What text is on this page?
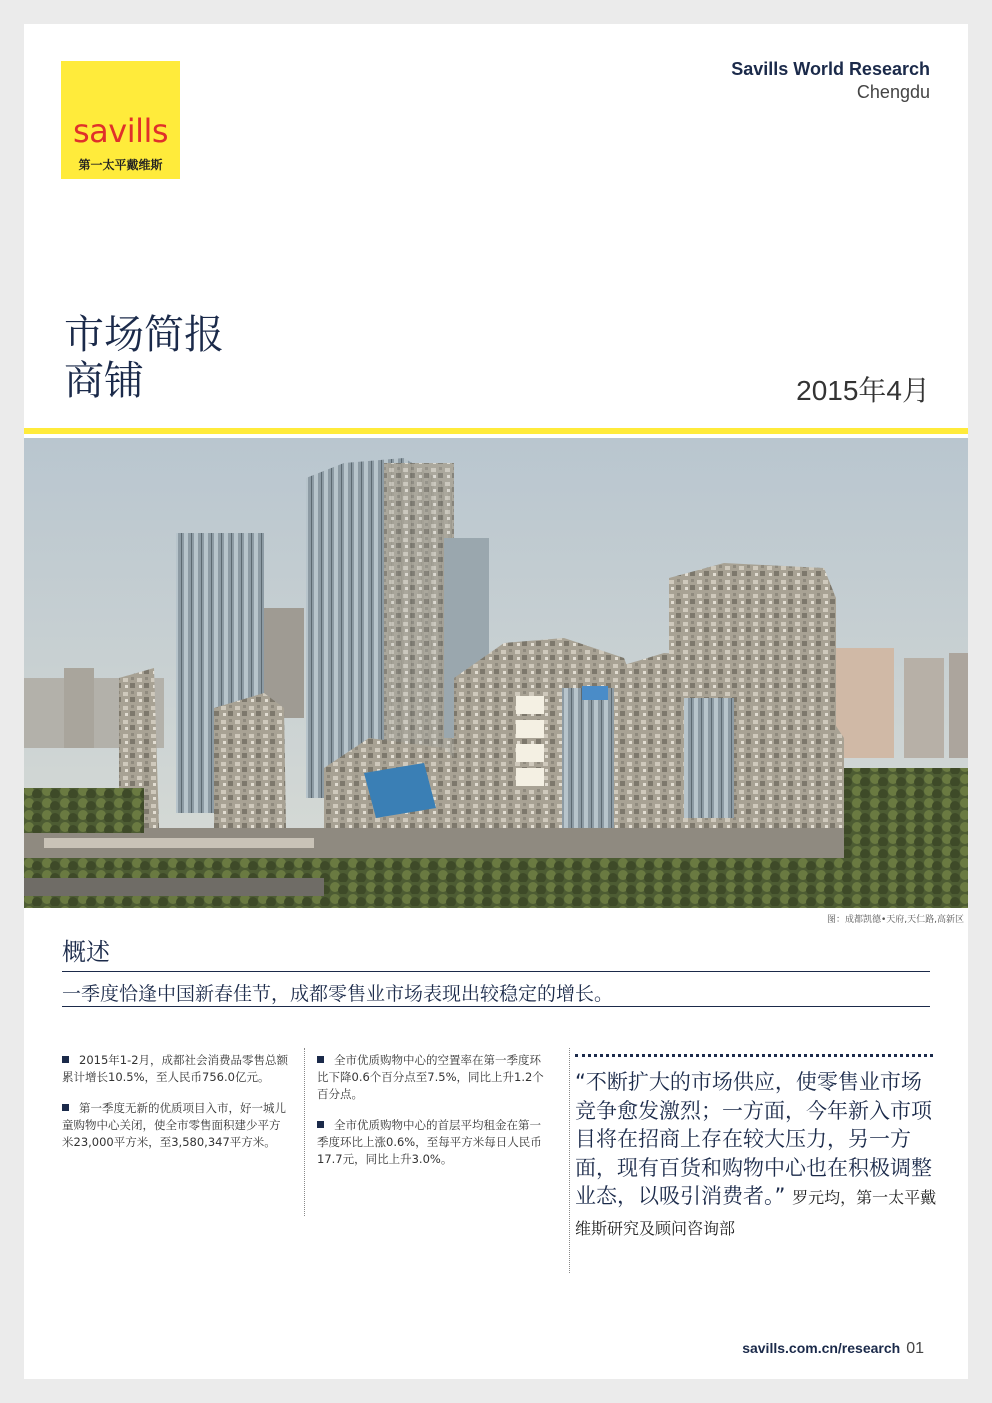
savills
第一太平戴维斯
Savills World Research
Chengdu
市场简报
商铺	2015年4月
图：成都凯德•天府,天仁路,高新区
概述
一季度恰逢中国新春佳节，成都零售业市场表现出较稳定的增长。

2015年1-2月，成都社会消费品零售总额累计增长10.5%，至人民币756.0亿元。

第一季度无新的优质项目入市，好一城儿童购物中心关闭，使全市零售面积建少平方米23,000平方米，至3,580,347平方米。

全市优质购物中心的空置率在第一季度环比下降0.6个百分点至7.5%，同比上升1.2个百分点。

全市优质购物中心的首层平均租金在第一季度环比上涨0.6%，至每平方米每日人民币17.7元，同比上升3.0%。

“不断扩大的市场供应，使零售业市场竞争愈发激烈；一方面，今年新入市项目将在招商上存在较大压力，另一方面，现有百货和购物中心也在积极调整业态，以吸引消费者。” 罗元均，第一太平戴维斯研究及顾问咨询部
savills.com.cn/research 01
